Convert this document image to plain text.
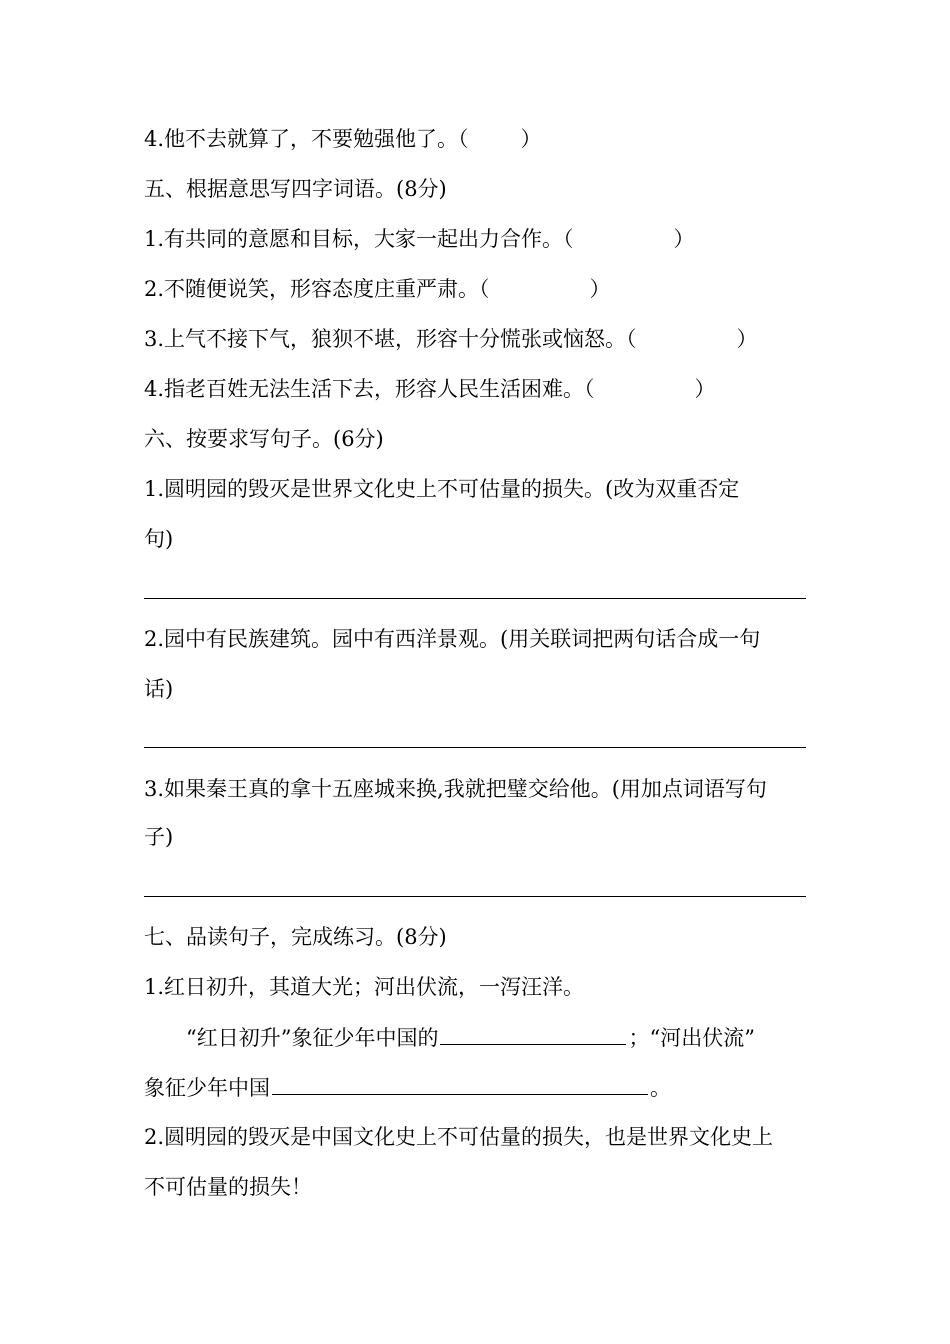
4.他不去就算了，不要勉强他了。（ ）
五、根据意思写四字词语。(8分)
1.有共同的意愿和目标，大家一起出力合作。（	）
2.不随便说笑，形容态度庄重严肃。（	）
3.上气不接下气，狼狈不堪，形容十分慌张或恼怒。（	）
4.指老百姓无法生活下去，形容人民生活困难。（	）
六、按要求写句子。(6分)
1.圆明园的毁灭是世界文化史上不可估量的损失。(改为双重否定
句)
2.园中有民族建筑。园中有西洋景观。(用关联词把两句话合成一句
话)
3.如果秦王真的拿十五座城来换,我就把璧交给他。(用加点词语写句
子)
七、品读句子，完成练习。(8分)
1.红日初升，其道大光；河出伏流，一泻汪洋。
“红日初升”象征少年中国的	；“河出伏流”
象征少年中国	。
2.圆明园的毁灭是中国文化史上不可估量的损失，也是世界文化史上
不可估量的损失！
